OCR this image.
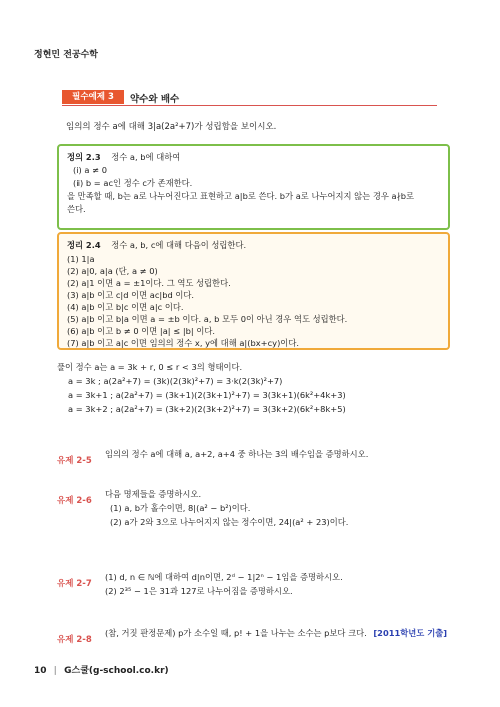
정현민 전공수학
필수예제 3	약수와 배수
임의의 정수 a에 대해 3|a(2a²+7)가 성립함을 보이시오.
정의 2.3 정수 a, b에 대하여
(ⅰ) a ≠ 0
(ⅱ) b = ac인 정수 c가 존재한다.
을 만족할 때, b는 a로 나누어진다고 표현하고 a|b로 쓴다. b가 a로 나누어지지 않는 경우 a∤b로
쓴다.
정리 2.4 정수 a, b, c에 대해 다음이 성립한다.
(1) 1|a
(2) a|0, a|a (단, a ≠ 0)
(2) a|1 이면 a = ±1이다. 그 역도 성립한다.
(3) a|b 이고 c|d 이면 ac|bd 이다.
(4) a|b 이고 b|c 이면 a|c 이다.
(5) a|b 이고 b|a 이면 a = ±b 이다. a, b 모두 0이 아닌 경우 역도 성립한다.
(6) a|b 이고 b ≠ 0 이면 |a| ≤ |b| 이다.
(7) a|b 이고 a|c 이면 임의의 정수 x, y에 대해 a|(bx+cy)이다.
풀이 정수 a는 a = 3k + r, 0 ≤ r < 3의 형태이다.
a = 3k ; a(2a²+7) = (3k)(2(3k)²+7) = 3·k(2(3k)²+7)
a = 3k+1 ; a(2a²+7) = (3k+1)(2(3k+1)²+7) = 3(3k+1)(6k²+4k+3)
a = 3k+2 ; a(2a²+7) = (3k+2)(2(3k+2)²+7) = 3(3k+2)(6k²+8k+5)
유제 2-5
임의의 정수 a에 대해 a, a+2, a+4 중 하나는 3의 배수임을 증명하시오.
유제 2-6
다음 명제들을 증명하시오.
(1) a, b가 홀수이면, 8|(a² − b²)이다.
(2) a가 2와 3으로 나누어지지 않는 정수이면, 24|(a² + 23)이다.
유제 2-7
(1) d, n ∈ ℕ에 대하여 d|n이면, 2ᵈ − 1|2ⁿ − 1임을 증명하시오.
(2) 2³⁵ − 1은 31과 127로 나누어짐을 증명하시오.
유제 2-8
(참, 거짓 판정문제) p가 소수일 때, p! + 1을 나누는 소수는 p보다 크다. [2011학년도 기출]
10 | G스쿨(g-school.co.kr)
